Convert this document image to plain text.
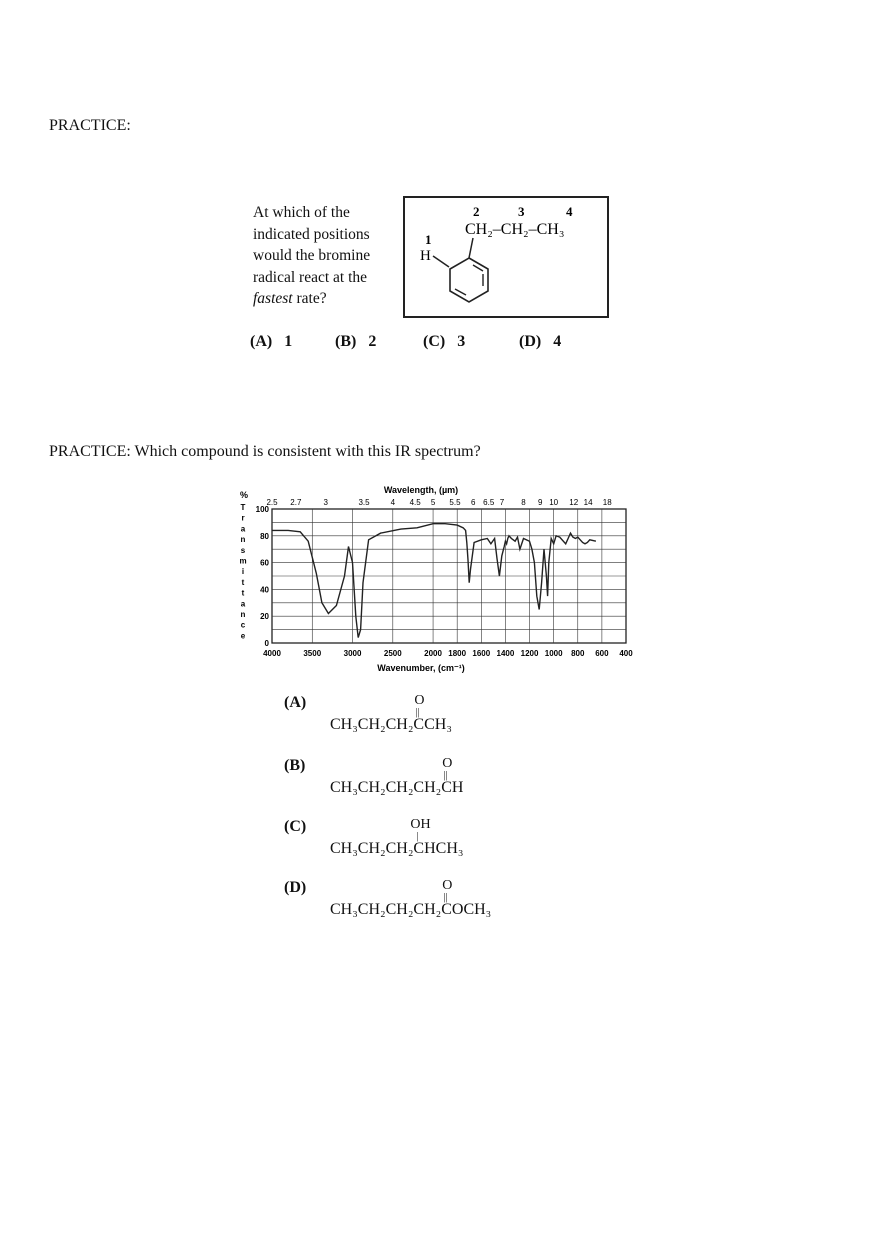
PRACTICE:
At which of the
indicated positions
would the bromine
radical react at the
fastest rate?
2	3	4
CH₂–CH₂–CH₃
1
H
(A) 1	(B) 2	(C) 3	(D) 4
PRACTICE: Which compound is consistent with this IR spectrum?
Wavelength, (µm)
%
T
r
a
n
s
m
i
t
t
a
n
c
e
2.5 2.7	3	3.5	4 4.5 5 5.5 6 6.5 7 8 9 10 12 14 18
100
80
60
40
20
0
4000	3500	3000	2500	2000 1800 1600 1400 1200 1000 800 600 400
Wavenumber, (cm⁻¹)
(A)
CH₃CH₂CH₂
O
||
CCH₃
(B)
CH₃CH₂CH₂CH₂
O
||
CH
(C)
CH₃CH₂CH₂
OH
|
CHCH₃
(D)
CH₃CH₂CH₂CH₂
O
||
COCH₃
